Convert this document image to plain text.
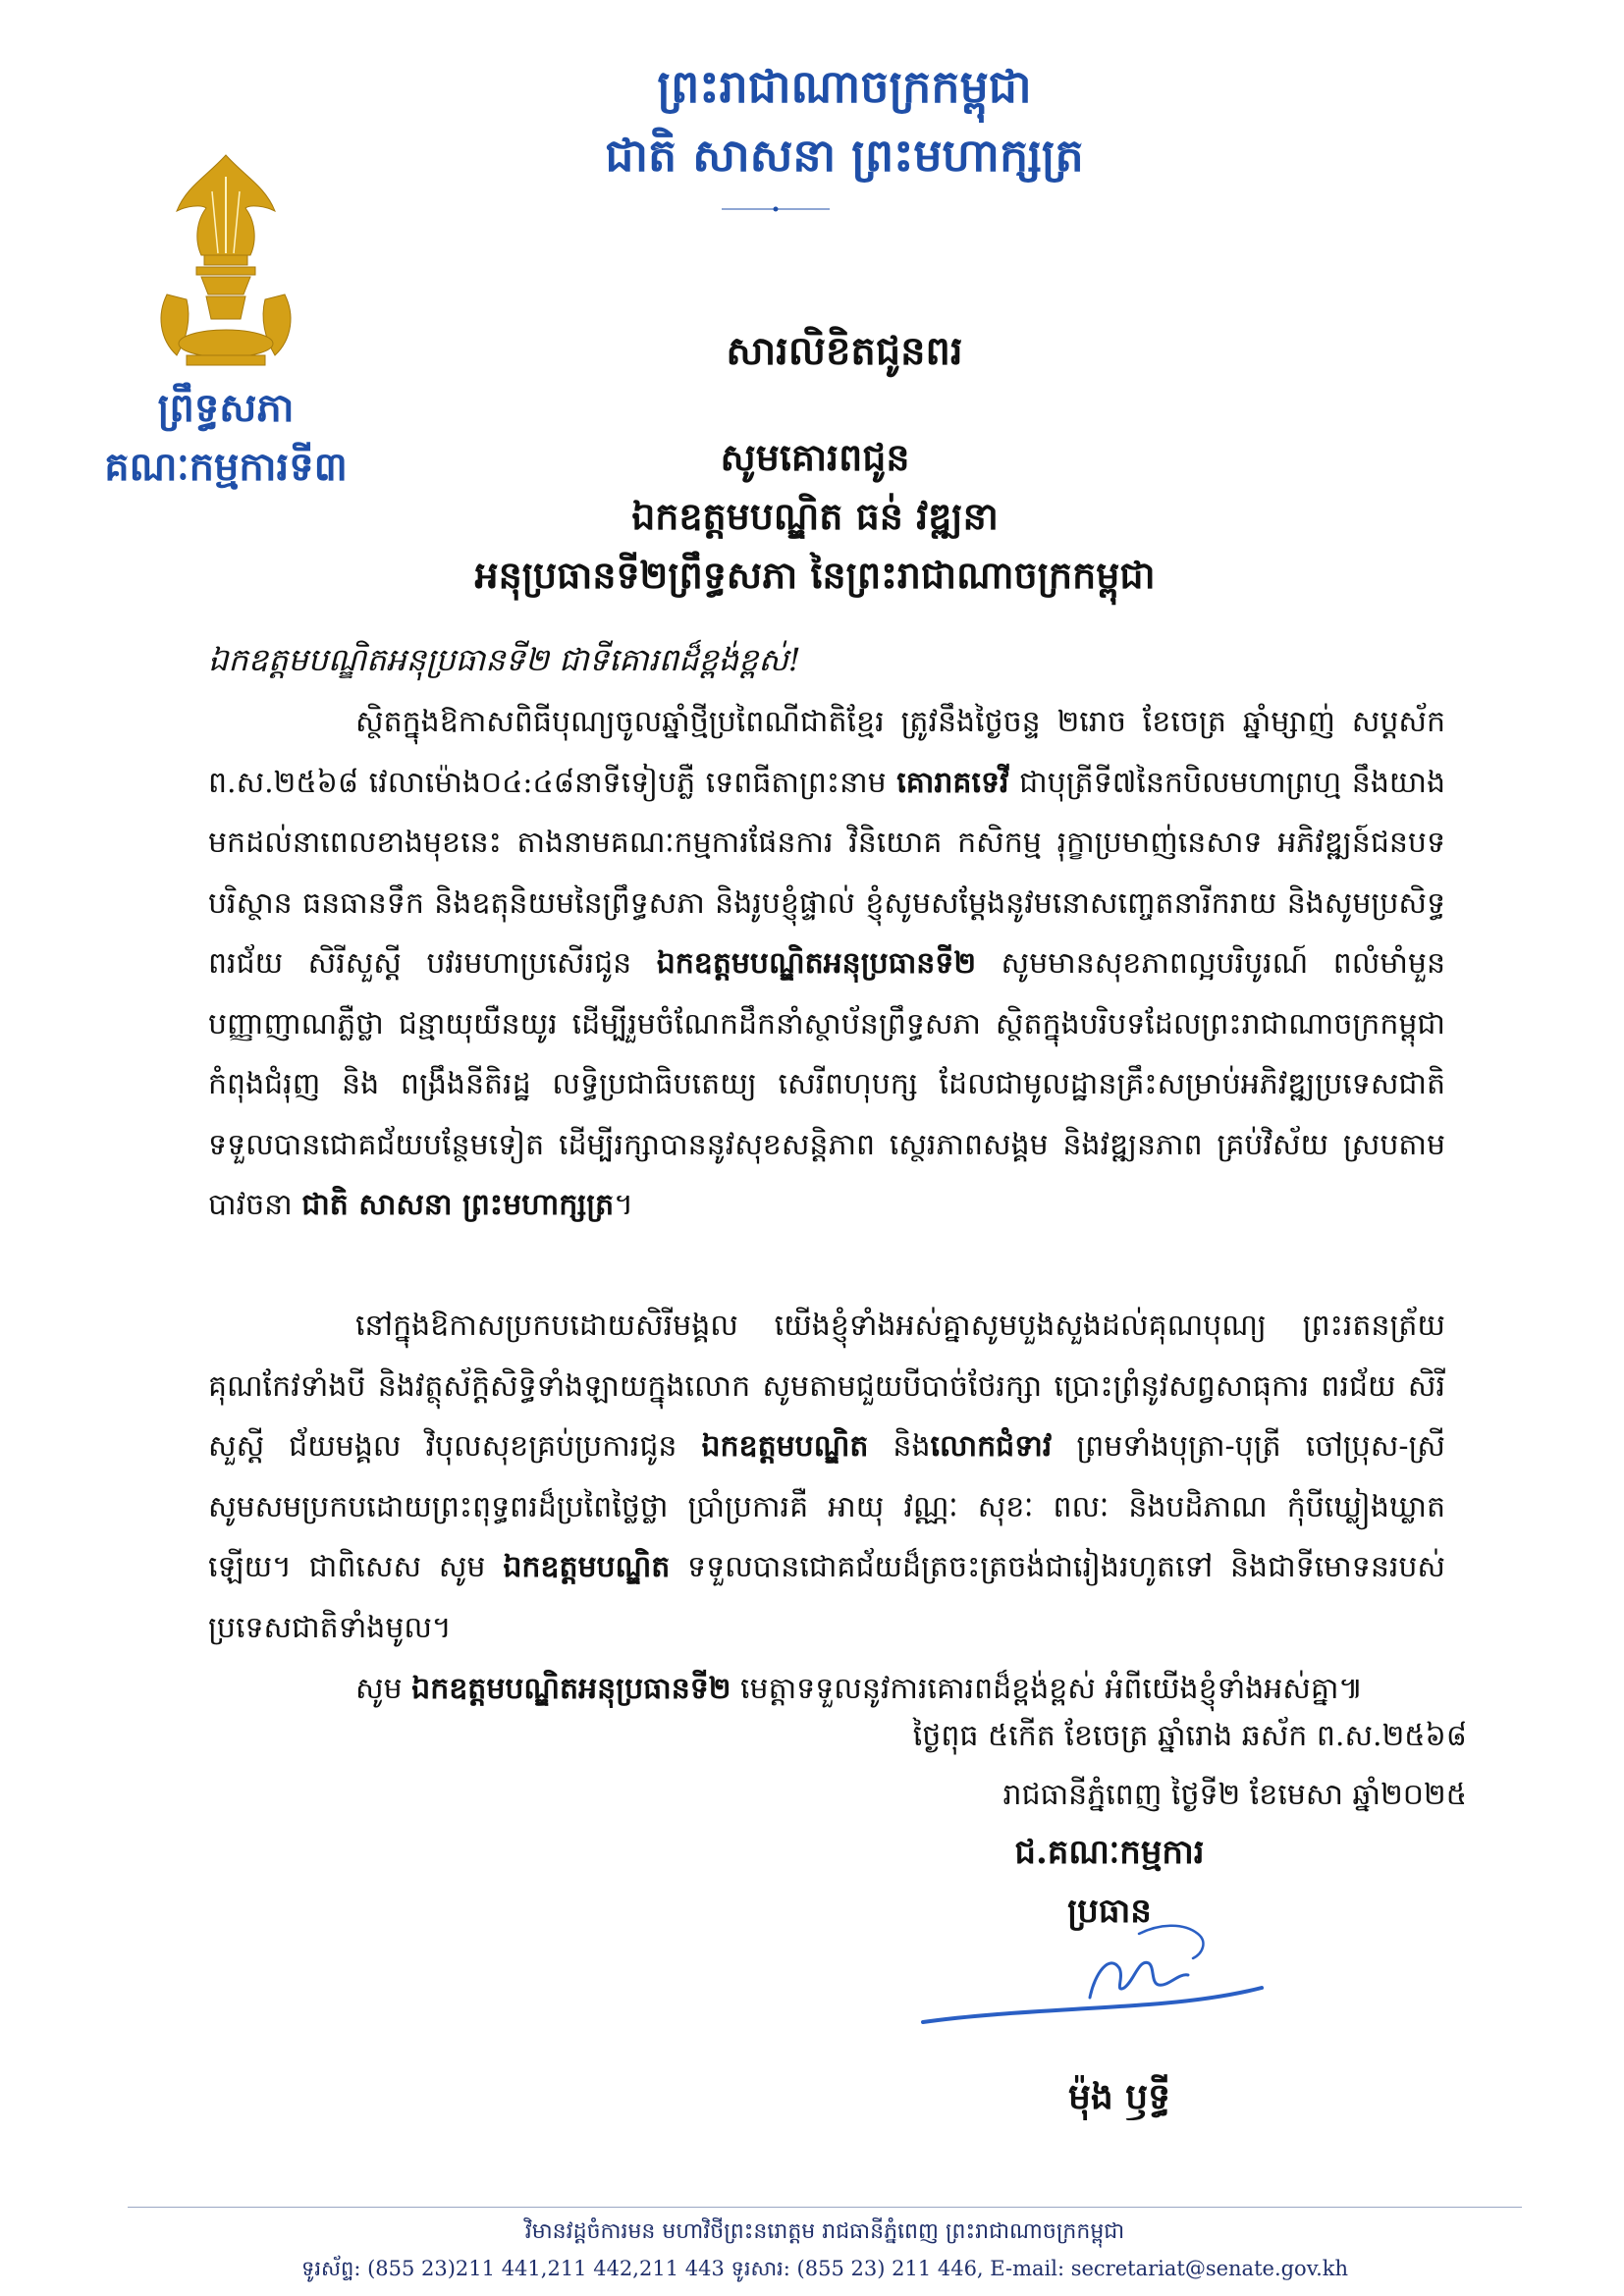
ព្រះរាជាណាចក្រកម្ពុជា
ជាតិ សាសនា ព្រះមហាក្សត្រ
ព្រឹទ្ធសភា
គណៈកម្មការទី៣
សារលិខិតជូនពរ
សូមគោរពជូន
ឯកឧត្តមបណ្ឌិត ធន់ វឌ្ឍនា
អនុប្រធានទី២ព្រឹទ្ធសភា នៃព្រះរាជាណាចក្រកម្ពុជា
ឯកឧត្តមបណ្ឌិតអនុប្រធានទី២ ជាទីគោរពដ៏ខ្ពង់ខ្ពស់!
ស្ថិតក្នុងឱកាសពិធីបុណ្យចូលឆ្នាំថ្មីប្រពៃណីជាតិខ្មែរ ត្រូវនឹងថ្ងៃចន្ទ ២រោច ខែចេត្រ ឆ្នាំម្សាញ់ សប្តស័ក ព.ស.២៥៦៨ វេលាម៉ោង០៤:៤៨នាទីទៀបភ្លឺ ទេពធីតាព្រះនាម គោរាគទេវី ជាបុត្រីទី៧នៃកបិលមហាព្រហ្ម នឹងយាងមកដល់នាពេលខាងមុខនេះ តាងនាមគណៈកម្មការផែនការ វិនិយោគ កសិកម្ម រុក្ខាប្រមាញ់នេសាទ អភិវឌ្ឍន៍ជនបទ បរិស្ថាន ធនធានទឹក និងឧតុនិយមនៃព្រឹទ្ធសភា និងរូបខ្ញុំផ្ទាល់ ខ្ញុំសូមសម្តែងនូវមនោសញ្ចេតនារីករាយ និងសូមប្រសិទ្ធពរជ័យ សិរីសួស្តី បវរមហាប្រសើរជូន ឯកឧត្តមបណ្ឌិតអនុប្រធានទី២ សូមមានសុខភាពល្អបរិបូរណ៍ ពលំមាំមួន បញ្ញាញាណភ្លឺថ្លា ជន្មាយុយឺនយូរ ដើម្បីរួមចំណែកដឹកនាំស្ថាប័នព្រឹទ្ធសភា ស្ថិតក្នុងបរិបទដែលព្រះរាជាណាចក្រកម្ពុជា កំពុងជំរុញ និង ពង្រឹងនីតិរដ្ឋ លទ្ធិប្រជាធិបតេយ្យ សេរីពហុបក្ស ដែលជាមូលដ្ឋានគ្រឹះសម្រាប់អភិវឌ្ឍប្រទេសជាតិ ទទួលបានជោគជ័យបន្ថែមទៀត ដើម្បីរក្សាបាននូវសុខសន្តិភាព ស្ថេរភាពសង្គម និងវឌ្ឍនភាព គ្រប់វិស័យ ស្របតាមបាវចនា ជាតិ សាសនា ព្រះមហាក្សត្រ។
នៅក្នុងឱកាសប្រកបដោយសិរីមង្គល យើងខ្ញុំទាំងអស់គ្នាសូមបួងសួងដល់គុណបុណ្យ ព្រះរតនត្រ័យ គុណកែវទាំងបី និងវត្ថុស័ក្តិសិទ្ធិទាំងឡាយក្នុងលោក សូមតាមជួយបីបាច់ថែរក្សា ប្រោះព្រំនូវសព្វសាធុការ ពរជ័យ សិរីសួស្តី ជ័យមង្គល វិបុលសុខគ្រប់ប្រការជូន ឯកឧត្តមបណ្ឌិត និងលោកជំទាវ ព្រមទាំងបុត្រា-បុត្រី ចៅប្រុស-ស្រី សូមសមប្រកបដោយព្រះពុទ្ធពរដ៏ប្រពៃថ្លៃថ្លា ប្រាំប្រការគឺ អាយុ វណ្ណៈ សុខៈ ពលៈ និងបដិភាណ កុំបីឃ្លៀងឃ្លាតឡើយ។ ជាពិសេស សូម ឯកឧត្តមបណ្ឌិត ទទួលបានជោគជ័យដ៏ត្រចះត្រចង់ជារៀងរហូតទៅ និងជាទីមោទនរបស់ប្រទេសជាតិទាំងមូល។
សូម ឯកឧត្តមបណ្ឌិតអនុប្រធានទី២ មេត្តាទទួលនូវការគោរពដ៏ខ្ពង់ខ្ពស់ អំពីយើងខ្ញុំទាំងអស់គ្នា៕
ថ្ងៃពុធ ៥កើត ខែចេត្រ ឆ្នាំរោង ឆស័ក ព.ស.២៥៦៨
រាជធានីភ្នំពេញ ថ្ងៃទី២ ខែមេសា ឆ្នាំ២០២៥
ជ.គណៈកម្មការ
ប្រធាន
ម៉ុង ឫទ្ធី
វិមានវដ្តចំការមន មហាវិថីព្រះនរោត្តម រាជធានីភ្នំពេញ ព្រះរាជាណាចក្រកម្ពុជា
ទូរស័ព្ទ: (855 23)211 441,211 442,211 443 ទូរសារ: (855 23) 211 446, E-mail: secretariat@senate.gov.kh
